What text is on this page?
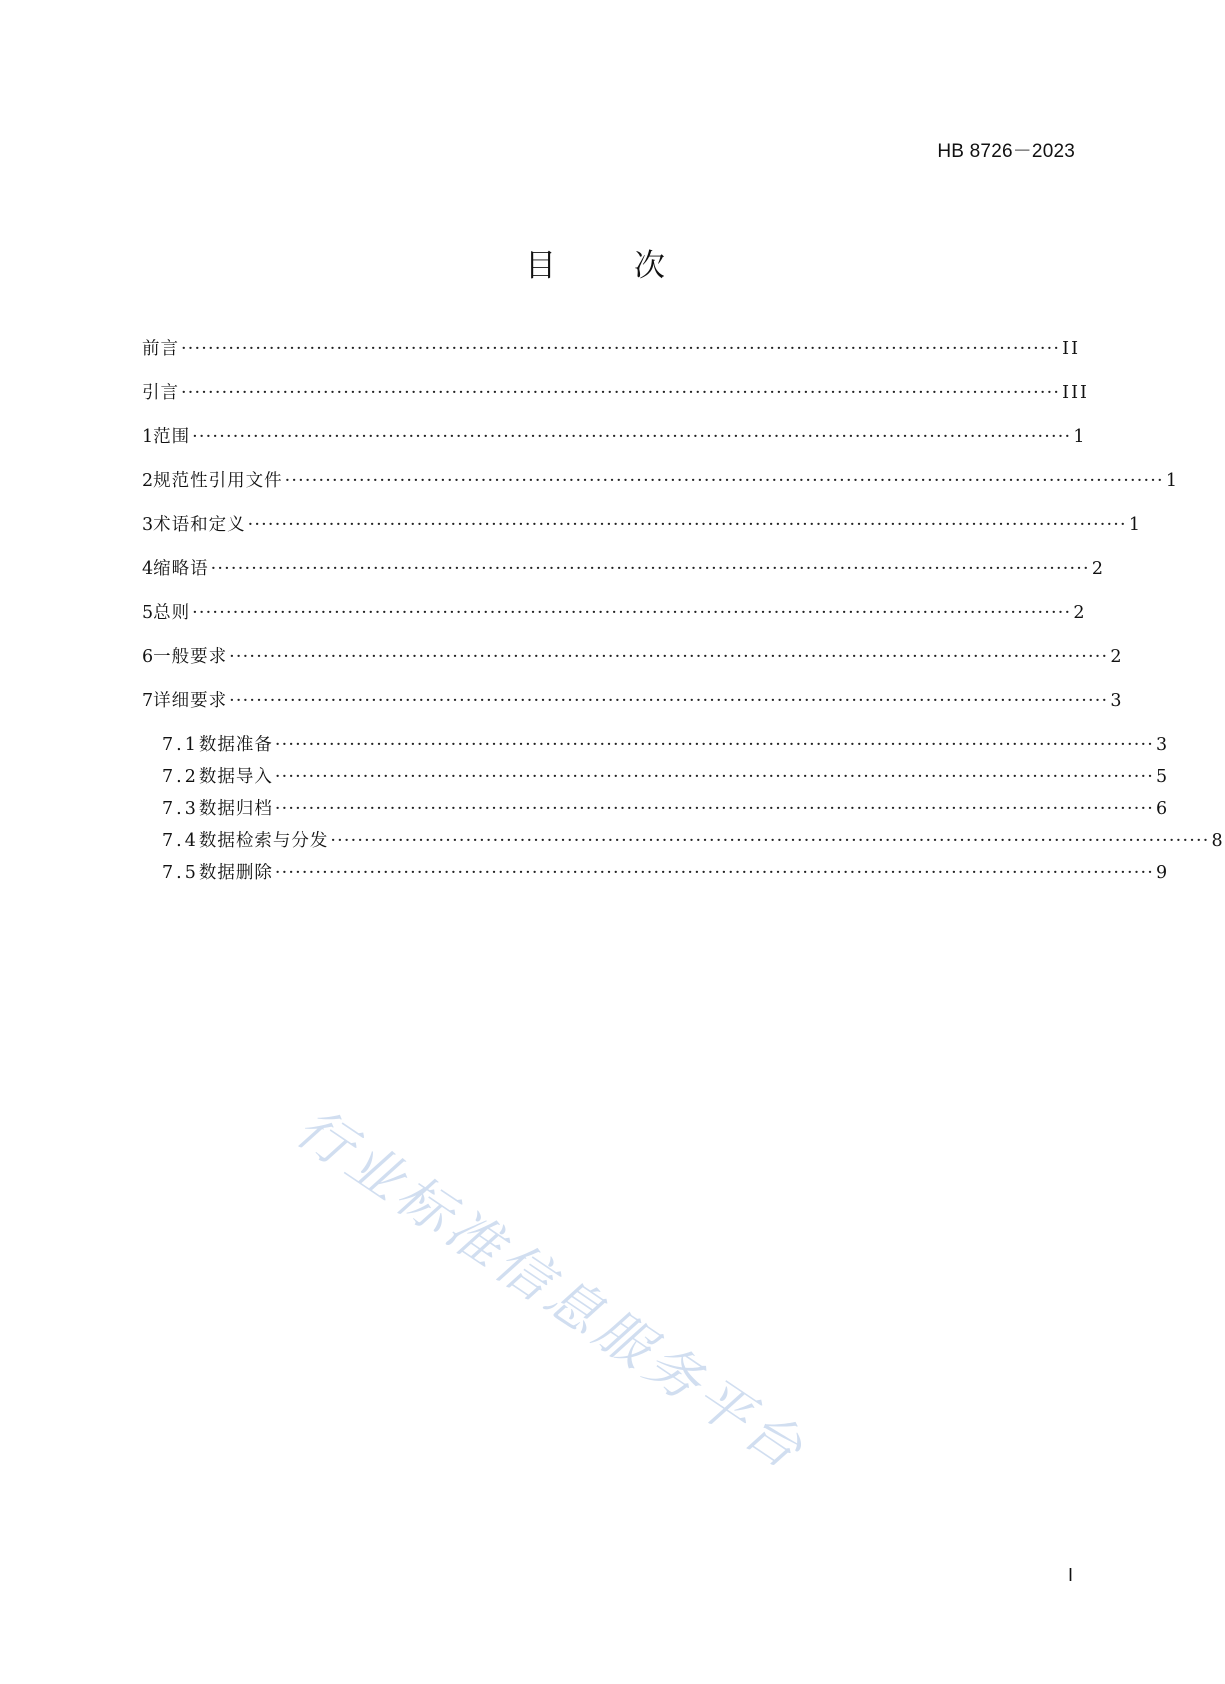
HB 8726－2023
目	次
前言 ·································································································································· II
引言 ·································································································································· III
1 范围 ·································································································································· 1
2 规范性引用文件 ·································································································································· 1
3 术语和定义 ·································································································································· 1
4 缩略语 ·································································································································· 2
5 总则 ·································································································································· 2
6 一般要求 ·································································································································· 2
7 详细要求 ·································································································································· 3
7.1 数据准备 ·································································································································· 3
7.2 数据导入 ·································································································································· 5
7.3 数据归档 ·································································································································· 6
7.4 数据检索与分发 ·································································································································· 8
7.5 数据删除 ·································································································································· 9
行业标准信息服务平台
I
